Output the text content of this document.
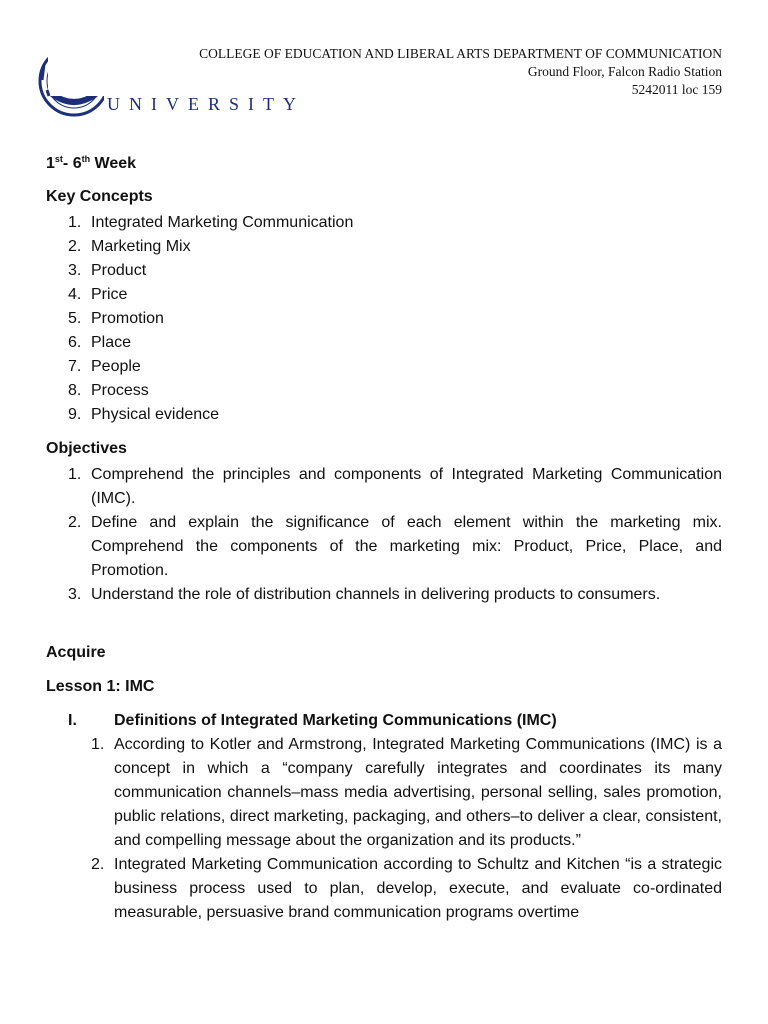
UNIVERSITY
COLLEGE OF EDUCATION AND LIBERAL ARTS DEPARTMENT OF COMMUNICATION
Ground Floor, Falcon Radio Station
5242011 loc 159
1st- 6th Week
Key Concepts
1. Integrated Marketing Communication
2. Marketing Mix
3. Product
4. Price
5. Promotion
6. Place
7. People
8. Process
9. Physical evidence
Objectives
1. Comprehend the principles and components of Integrated Marketing Communication (IMC).
2. Define and explain the significance of each element within the marketing mix. Comprehend the components of the marketing mix: Product, Price, Place, and Promotion.
3. Understand the role of distribution channels in delivering products to consumers.
Acquire
Lesson 1: IMC
I.	Definitions of Integrated Marketing Communications (IMC)
1. According to Kotler and Armstrong, Integrated Marketing Communications (IMC) is a concept in which a “company carefully integrates and coordinates its many communication channels–mass media advertising, personal selling, sales promotion, public relations, direct marketing, packaging, and others–to deliver a clear, consistent, and compelling message about the organization and its products.”
2. Integrated Marketing Communication according to Schultz and Kitchen “is a strategic business process used to plan, develop, execute, and evaluate co-ordinated measurable, persuasive brand communication programs overtime
